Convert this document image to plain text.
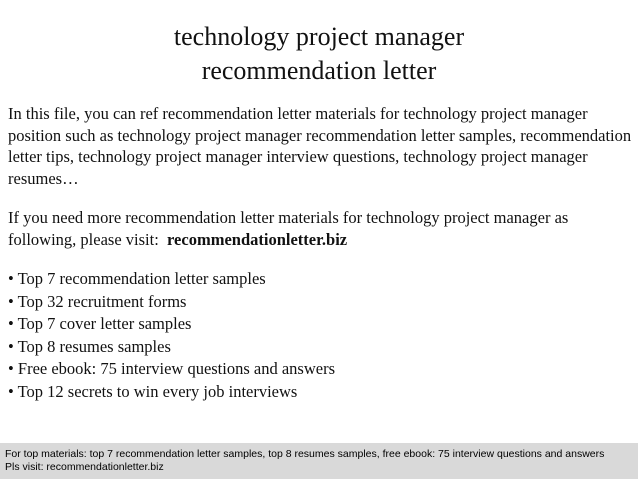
technology project manager
recommendation letter

In this file, you can ref recommendation letter materials for technology project manager position such as technology project manager recommendation letter samples, recommendation letter tips, technology project manager interview questions, technology project manager resumes…

If you need more recommendation letter materials for technology project manager as following, please visit: recommendationletter.biz

• Top 7 recommendation letter samples
• Top 32 recruitment forms
• Top 7 cover letter samples
• Top 8 resumes samples
• Free ebook: 75 interview questions and answers
• Top 12 secrets to win every job interviews
For top materials: top 7 recommendation letter samples, top 8 resumes samples, free ebook: 75 interview questions and answers
Pls visit: recommendationletter.biz
